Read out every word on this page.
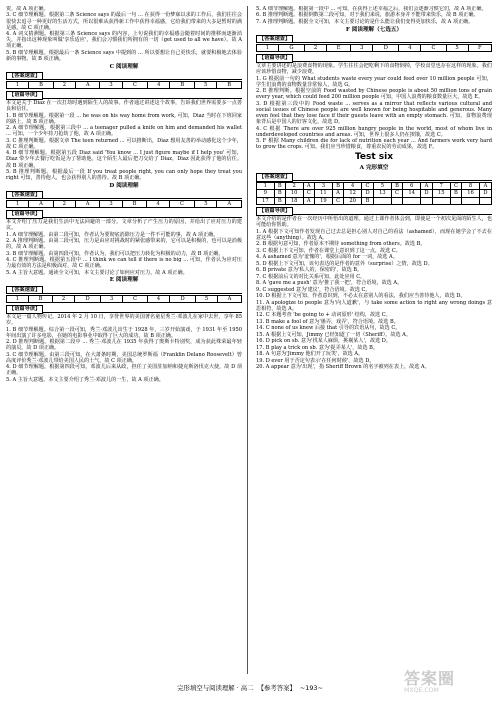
贺，故 A 项正确。

3. C 细节理解题。根据第二条 Science says 的最后一句 ... 在获得一份梦寐以求的工作后，我们往往会很快去追寻一种更好的生活方式，所以很难从获得新工作中获得幸福感，它给我们带来的大多是暂时的满足感。故 C 项正确。

4. A 词义猜测题。根据第三条 Science says 的内容，上句说我们的幸福感会随着时间的推移而逐渐消失，并指出这种现象叫做'享乐适应'，我们会习惯我们所拥有的一切（get used to all we have）。故 A 项正确。

5. B 细节理解题。根据最后一条 Science says 中提到的 ... 所以要想让自己更快乐，就要积极地去体验新的事物。故 B 项正确。

C 阅读理解
【答案速查】
1	B	2	A	3	C	4	B	5	B
【语篇导读】

本文是关于 Diaz 在一次打劫时遇到陌生人的故事。作者通过讲述这个故事，告诉我们世界需要多一点善良和信任。

1. B 细节理解题。根据第一段 ... he was on his way home from work, 可知，Diaz 当时在下班回家的路上，故 B 项正确。

2. A 细节理解题。根据第三段中 ... a teenager pulled a knife on him and demanded his wallet ... 可知，一个少年持刀抢劫了他，故 A 项正确。

3. C 推理判断题。根据文章 The teen returned ... 可以推断出，Diaz 想用友善的举动感化这个少年，故 C 项正确。

4. B 细节理解题。根据第五段 Diaz said 'You know ... I just figure maybe if I help you' 可知，Diaz 带少年去餐厅吃饭是为了帮助他。这个陌生人最后把刀交给了 Diaz，Diaz 因此获得了他的信任。故 B 项正确。

5. B 推理判断题。根据最后一段 If you treat people right, you can only hope they treat you right 可知，善待他人，也会获得别人的善待。故 B 项正确。

D 阅读理解
【答案速查】
1	A	2	A	3	B	4	C	5	A
【语篇导读】

本文介绍了压力是我们生活中无法回避的一部分。文章分析了产生压力的原因，并给出了应对压力的建议。

1. A 细节理解题。由第二段可知，作者认为要彻底消除压力是一件不可能的事，故 A 项正确。

2. A 推理判断题。由第二段可知，压力是由应对挑战时的紧张感带来的，它可以是积极的，也可以是消极的，故 A 项正确。

3. B 细节理解题。由第四段可知，作者认为，我们可以把压力转化为积极的动力，故 B 项正确。

4. C 推理判断题。根据第五段中 ... I think we can tell if there is no big ... 可知，作者认为应对压力最有效的方法是积极面对，故 C 项正确。

5. A 主旨大意题。通读全文可知，本文主要讨论了如何应对压力，故 A 项正确。

E 阅读理解
【答案速查】
1	B	2	D	3	C	4	D	5	A
【语篇导读】

本文是一篇人物传记。2014 年 2 月 10 日，享誉世界的美国著名童星秀兰·邓波儿在家中去世，享年 85 岁。

1. B 细节理解题。综合第一段可知，秀兰·邓波儿出生于 1928 年，三岁开始演戏，于 1931 年至 1950 年间出演了许多电影，在她的电影事业中取得了巨大的成功。故 B 项正确。

2. D 推理判断题。根据第二段中 ... 秀兰·邓波儿在 1935 年获得了奥斯卡特别奖，成为获此殊荣最年轻的演员。故 D 项正确。

3. C 细节理解题。由第三段可知，在大萧条时期，美国总统罗斯福（Franklin Delano Roosevelt）曾高度评价秀兰·邓波儿带给美国人民的士气，故 C 项正确。

4. D 细节理解题。根据第四段可知，邓波儿后来从政，担任了美国驻加纳和捷克斯洛伐克大使，故 D 项正确。

5. A 主旨大意题。本文主要介绍了秀兰·邓波儿的一生，故 A 项正确。

5. A 细节理解题。根据第一段中 ... 可知，在获得上述幸福之后，我们会逐渐习惯它们，故 A 项正确。

6. B 推理判断题。根据倒数第二段可知，对于我们来说，旅游本身并不能带来快乐，故 B 项正确。

7. A 推理判断题。根据全文可知，本文主要讨论的是什么能让我们变得更加快乐，故 A 项正确。

F 阅读理解（七选五）
【答案速查】
1	G	2	E	3	D	4	C	5	F
【语篇导读】

文章主要讲述的是浪费食物的现象。学生往往会把吃剩下的食物倒掉，学校食堂也存在这样的现象。我们应该珍惜食物，减少浪费。

1. G 根据前一句的 What students waste every year could feed over 10 million people 可知，学生们浪费的食物数量非常惊人，故选 G。

2. E 推理判断。根据空前的 Food wasted by Chinese people is about 50 million tons of grain every year, which could feed 200 million people 可知，中国人浪费的粮食数量巨大，故选 E。

3. D 根据第三段中的 Food waste ... serves as a mirror that reflects various cultural and social issues of Chinese people are well known for being hospitable and generous. Many even feel that they lose face if their guests leave with an empty stomach. 可知，食物浪费现象背后是中国人的好客文化，故选 D。

4. C 根据 There are over 925 million hungry people in the world, most of whom live in underdeveloped countries and areas. 可知，世界上很多人仍在挨饿，故选 C。

5. F 根据 Many children die for lack of nutrition each year ... And farmers work very hard to grow the crops. 可知，我们应当珍惜粮食，尊重农民的劳动成果，故选 F。

Test six
A 完形填空
【答案速查】
1	B	2	A	3	B	4	C	5	B	6	A	7	C	8	A
9	B	10	C	11	A	12	D	13	C	14	D	15	B	16	D
17	B	18	A	19	C	20	B								
【语篇导读】

本文介绍的是作者在一次经历中所悟出的道理。通过上课作者体会到，即使是一个初次见面的陌生人，也可能给你帮助。

1. A 根据下文可知作者发现自己过去总是担心别人对自己的看法（ashamed），而现在她学会了不去在意这些（anything）。故选 A。

2. B 根据句意可知，作者原本不期待 something from others。故选 B。

3. C 根据上下文可知，作者在课堂上意识到了这一点，故选 C。

4. A ashamed 意为'羞愧的'，根据后面的 for 一词，故选 A。

5. D 根据上下文可知，该句表达的是作者的意外（surprise）之情，故选 D。

6. B private 意为'私人的，保密的'，故选 B。

7. C 根据前后文的对比关系可知，此处应用 C。

8. A 'gave me a push' 意为'推了我一把'，符合语境，故选 A。

9. C suggested 意为'建议'，符合语境。故选 C。

10. D 根据上下文可知，作者意识到，不必太在意别人的看法，我们应当善待他人，故选 D。

11. A apologize to people 意为'向人道歉'，与 take some action to right any wrong doings 意思相符，故选 A。

12. C 本题考查 'be going to + 动词原形' 结构，故选 C。

13. B make a fool of 意为'愚弄，戏弄'，符合语境。故选 B。

14. C none of us knew 后接 that 引导的宾语从句，故选 C。

15. A 根据上文可知，Jimmy 已经知道了一切（Sheriff）。故选 A。

16. D pick on sb. 意为'找某人麻烦，挑剔某人'，故选 D。

17. B play a trick on sb. 意为'捉弄某人'，故选 B。

18. A 句意为'Jimmy 他们开了玩笑'，故选 A。

19. D ever 用于否定句表示'在任何时候'，故选 D。

20. A appear 意为'出现'，指 Sheriff Brown 的名字被列在表上，故选 A。

完形填空与阅读理解 · 高二 【参考答案】 ~193~	答案圈
MXQE.COM
